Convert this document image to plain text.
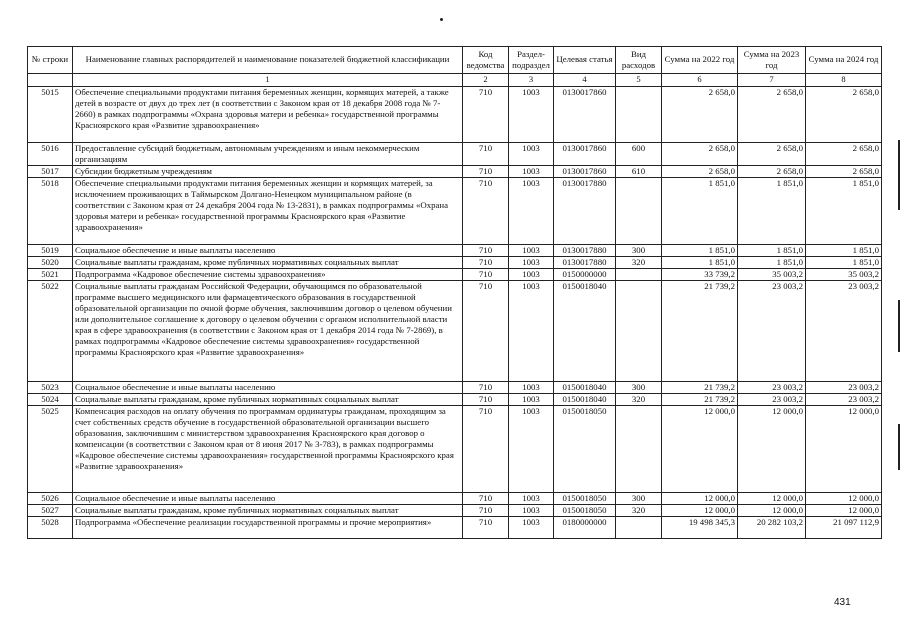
№ строки	Наименование главных распорядителей и наименование показателей бюджетной классификации	Код ведомства	Раздел-подраздел	Целевая статья	Вид расходов	Сумма на 2022 год	Сумма на 2023 год	Сумма на 2024 год
	1	2	3	4	5	6	7	8
5015	Обеспечение специальными продуктами питания беременных женщин, кормящих матерей, а также детей в возрасте от двух до трех лет (в соответствии с Законом края от 18 декабря 2008 года № 7-2660) в рамках подпрограммы «Охрана здоровья матери и ребенка» государственной программы Красноярского края «Развитие здравоохранения»	710	1003	0130017860		2 658,0	2 658,0	2 658,0
5016	Предоставление субсидий бюджетным, автономным учреждениям и иным некоммерческим организациям	710	1003	0130017860	600	2 658,0	2 658,0	2 658,0
5017	Субсидии бюджетным учреждениям	710	1003	0130017860	610	2 658,0	2 658,0	2 658,0
5018	Обеспечение специальными продуктами питания беременных женщин и кормящих матерей, за исключением проживающих в Таймырском Долгано-Ненецком муниципальном районе (в соответствии с Законом края от 24 декабря 2004 года № 13-2831), в рамках подпрограммы «Охрана здоровья матери и ребенка» государственной программы Красноярского края «Развитие здравоохранения»	710	1003	0130017880		1 851,0	1 851,0	1 851,0
5019	Социальное обеспечение и иные выплаты населению	710	1003	0130017880	300	1 851,0	1 851,0	1 851,0
5020	Социальные выплаты гражданам, кроме публичных нормативных социальных выплат	710	1003	0130017880	320	1 851,0	1 851,0	1 851,0
5021	Подпрограмма «Кадровое обеспечение системы здравоохранения»	710	1003	0150000000		33 739,2	35 003,2	35 003,2
5022	Социальные выплаты гражданам Российской Федерации, обучающимся по образовательной программе высшего медицинского или фармацевтического образования в государственной образовательной организации по очной форме обучения, заключившим договор о целевом обучении или дополнительное соглашение к договору о целевом обучении с органом исполнительной власти края в сфере здравоохранения (в соответствии с Законом края от 1 декабря 2014 года № 7-2869), в рамках подпрограммы «Кадровое обеспечение системы здравоохранения» государственной программы Красноярского края «Развитие здравоохранения»	710	1003	0150018040		21 739,2	23 003,2	23 003,2
5023	Социальное обеспечение и иные выплаты населению	710	1003	0150018040	300	21 739,2	23 003,2	23 003,2
5024	Социальные выплаты гражданам, кроме публичных нормативных социальных выплат	710	1003	0150018040	320	21 739,2	23 003,2	23 003,2
5025	Компенсация расходов на оплату обучения по программам ординатуры гражданам, проходящим за счет собственных средств обучение в государственной образовательной организации высшего образования, заключившим с министерством здравоохранения Красноярского края договор о компенсации (в соответствии с Законом края от 8 июня 2017 № 3-783), в рамках подпрограммы «Кадровое обеспечение системы здравоохранения» государственной программы Красноярского края «Развитие здравоохранения»	710	1003	0150018050		12 000,0	12 000,0	12 000,0
5026	Социальное обеспечение и иные выплаты населению	710	1003	0150018050	300	12 000,0	12 000,0	12 000,0
5027	Социальные выплаты гражданам, кроме публичных нормативных социальных выплат	710	1003	0150018050	320	12 000,0	12 000,0	12 000,0
5028	Подпрограмма «Обеспечение реализации государственной программы и прочие мероприятия»	710	1003	0180000000		19 498 345,3	20 282 103,2	21 097 112,9
431
